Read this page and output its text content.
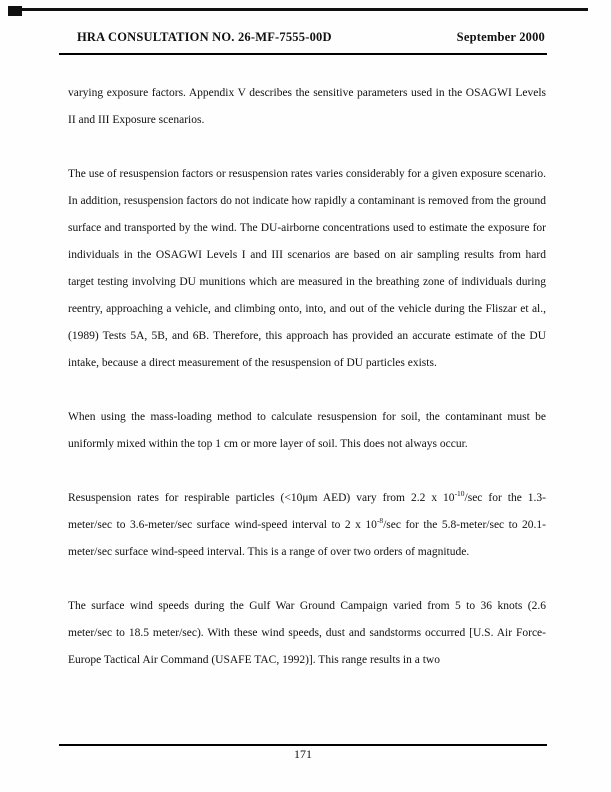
HRA CONSULTATION NO. 26-MF-7555-00D	September 2000

varying exposure factors. Appendix V describes the sensitive parameters used in the OSAGWI Levels II and III Exposure scenarios.

The use of resuspension factors or resuspension rates varies considerably for a given exposure scenario. In addition, resuspension factors do not indicate how rapidly a contaminant is removed from the ground surface and transported by the wind. The DU-airborne concentrations used to estimate the exposure for individuals in the OSAGWI Levels I and III scenarios are based on air sampling results from hard target testing involving DU munitions which are measured in the breathing zone of individuals during reentry, approaching a vehicle, and climbing onto, into, and out of the vehicle during the Fliszar et al., (1989) Tests 5A, 5B, and 6B. Therefore, this approach has provided an accurate estimate of the DU intake, because a direct measurement of the resuspension of DU particles exists.

When using the mass-loading method to calculate resuspension for soil, the contaminant must be uniformly mixed within the top 1 cm or more layer of soil. This does not always occur.

Resuspension rates for respirable particles (<10μm AED) vary from 2.2 x $10^{-10}/\sec$ for the 1.3-meter/sec to 3.6-meter/sec surface wind-speed interval to 2 x $10^{-8}/\sec$ for the 5.8-meter/sec to 20.1-meter/sec surface wind-speed interval. This is a range of over two orders of magnitude.

The surface wind speeds during the Gulf War Ground Campaign varied from 5 to 36 knots (2.6 meter/sec to 18.5 meter/sec). With these wind speeds, dust and sandstorms occurred [U.S. Air Force-Europe Tactical Air Command (USAFE TAC, 1992)]. This range results in a two

171
